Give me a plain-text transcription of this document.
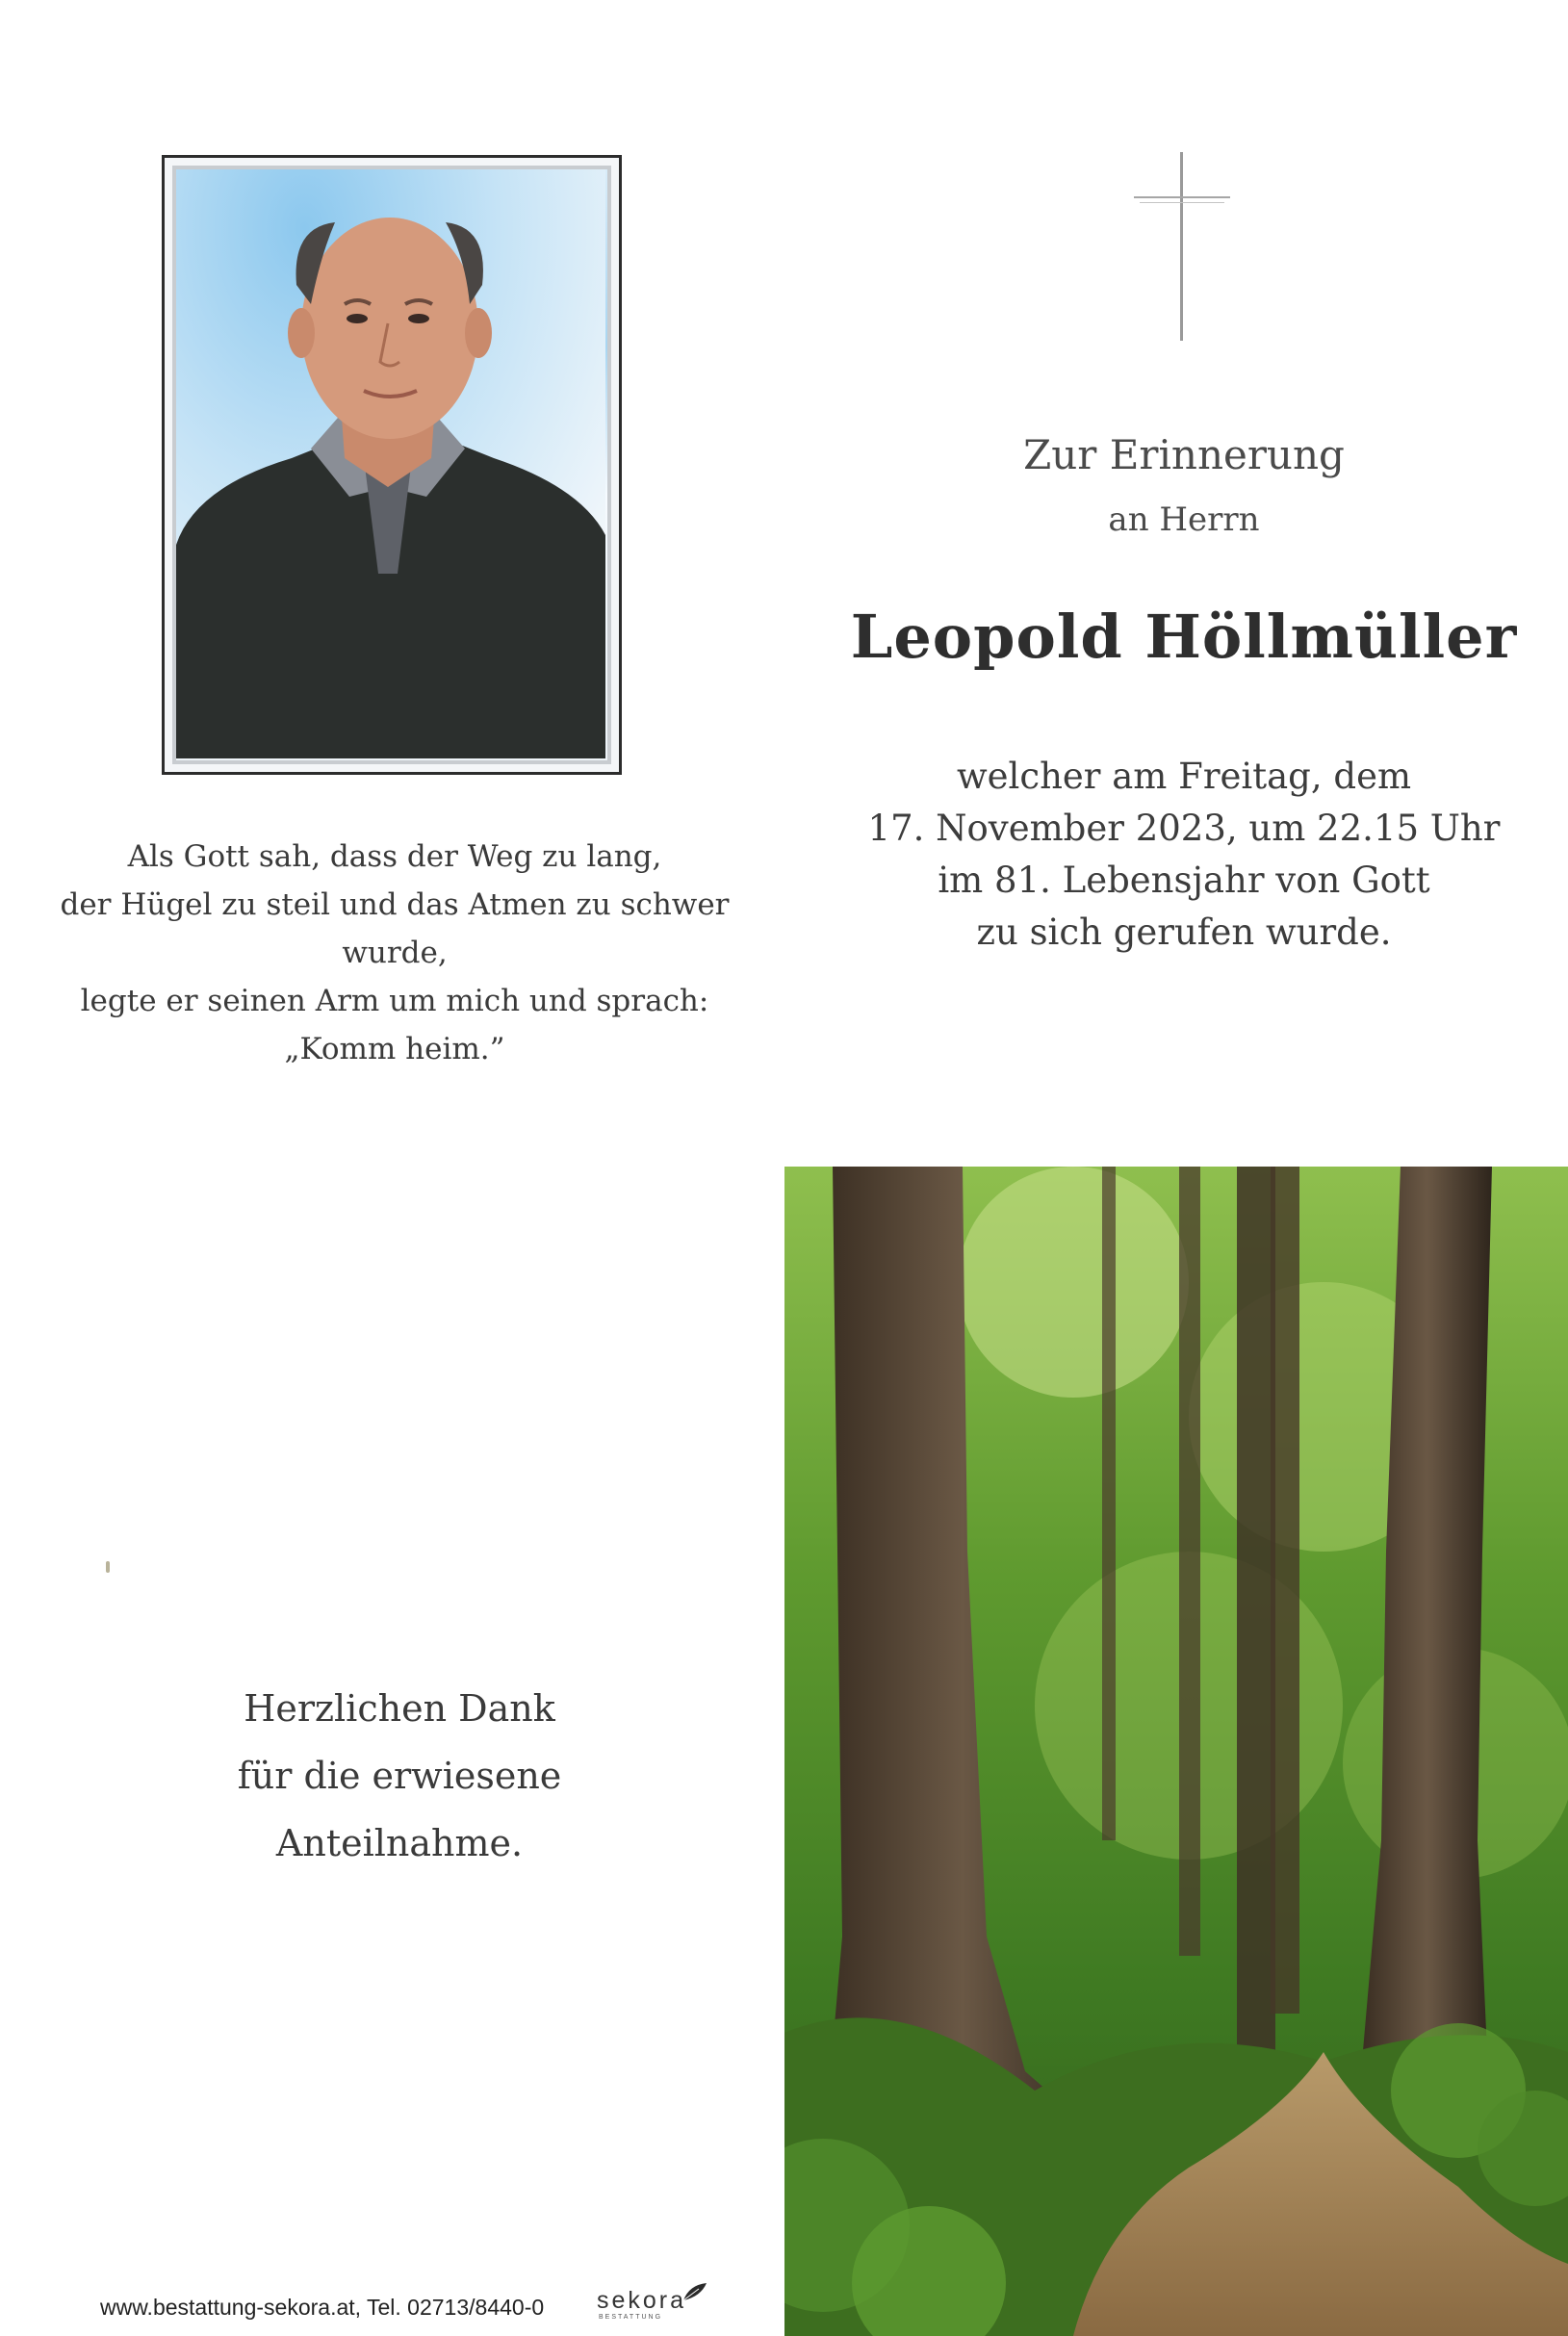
Zur Erinnerung
an Herrn
Leopold Höllmüller
welcher am Freitag, dem
17. November 2023, um 22.15 Uhr
im 81. Lebensjahr von Gott
zu sich gerufen wurde.
Als Gott sah, dass der Weg zu lang,
der Hügel zu steil und das Atmen zu schwer wurde,
legte er seinen Arm um mich und sprach:
„Komm heim.”
Herzlichen Dank
für die erwiesene
Anteilnahme.
www.bestattung-sekora.at, Tel. 02713/8440-0 sekora
BESTATTUNG
